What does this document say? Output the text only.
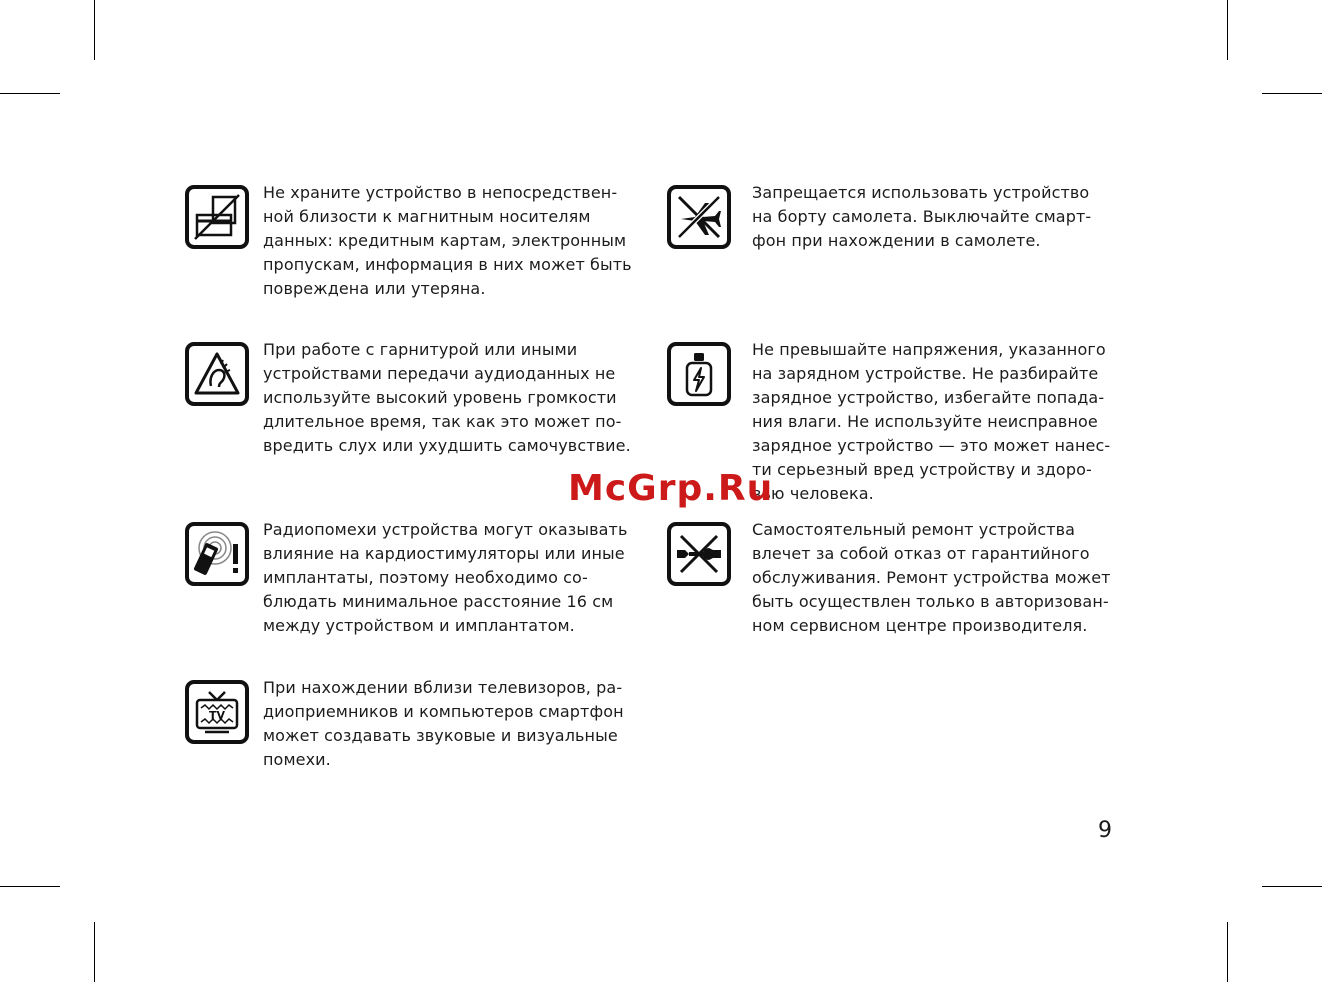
Не храните устройство в непосредствен-
ной близости к магнитным носителям
данных: кредитным картам, электронным
пропускам, информация в них может быть
повреждена или утеряна.
Запрещается использовать устройство
на борту самолета. Выключайте смарт-
фон при нахождении в самолете.
При работе с гарнитурой или иными
устройствами передачи аудиоданных не
используйте высокий уровень громкости
длительное время, так как это может по-
вредить слух или ухудшить самочувствие.
Не превышайте напряжения, указанного
на зарядном устройстве. Не разбирайте
зарядное устройство, избегайте попада-
ния влаги. Не используйте неисправное
зарядное устройство — это может нанес-
ти серьезный вред устройству и здоро-
вью человека.
Радиопомехи устройства могут оказывать
влияние на кардиостимуляторы или иные
имплантаты, поэтому необходимо со-
блюдать минимальное расстояние 16 см
между устройством и имплантатом.
Самостоятельный ремонт устройства
влечет за собой отказ от гарантийного
обслуживания. Ремонт устройства может
быть осуществлен только в авторизован-
ном сервисном центре производителя.
TV
При нахождении вблизи телевизоров, ра-
диоприемников и компьютеров смартфон
может создавать звуковые и визуальные
помехи.
McGrp.Ru
9
